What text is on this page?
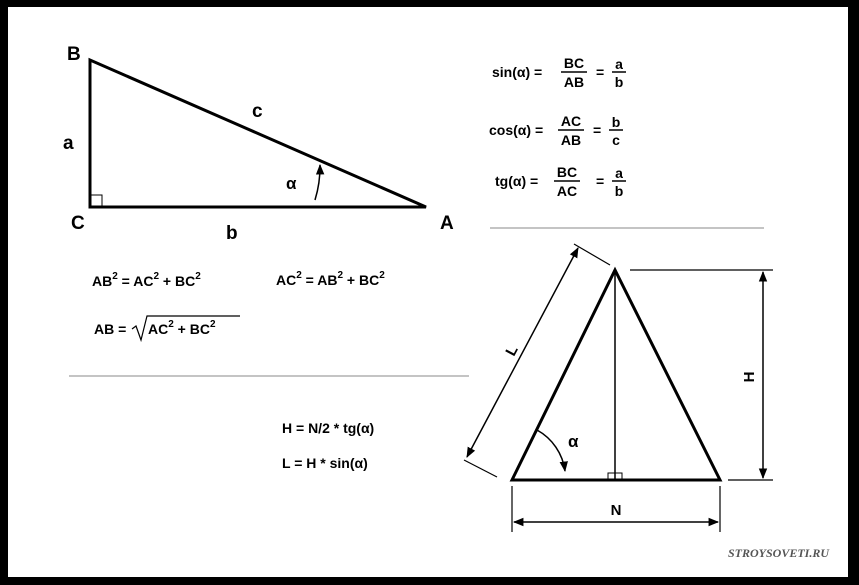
B
C	A
a
b
c
α
sin(α) =
BC
AB
= a
b
cos(α) =
AC
AB
= b
c
tg(α) =
BC
AC
= a
b
$AB^2 = AC^2 + BC^2$	$AC^2 = AB^2 + BC^2$
AB = $AC^2 + BC^2$
H = N/2 * tg(α)
L = H * sin(α)
α
L
H
N
STROYSOVETI.RU
